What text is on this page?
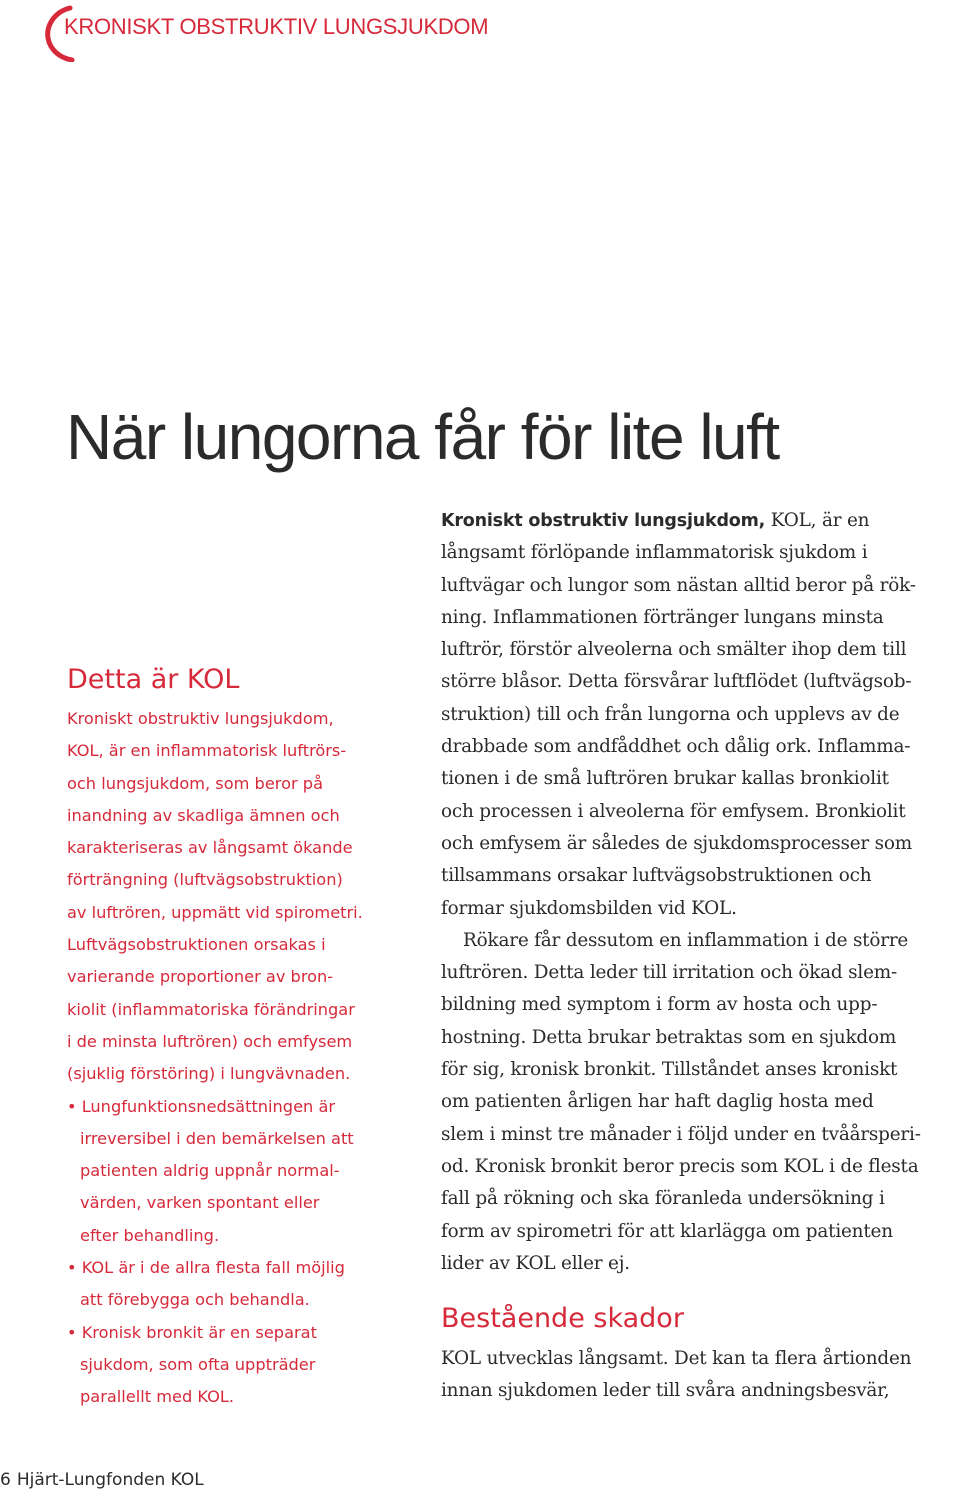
KRONISKT OBSTRUKTIV LUNGSJUKDOM
När lungorna får för lite luft
Detta är KOL
Kroniskt obstruktiv lungsjukdom,
KOL, är en inflammatorisk luftrörs-
och lungsjukdom, som beror på
inandning av skadliga ämnen och
karakteriseras av långsamt ökande
förträngning (luftvägsobstruktion)
av luftrören, uppmätt vid spirometri.
Luftvägsobstruktionen orsakas i
varierande proportioner av bron-
kiolit (inflammatoriska förändringar
i de minsta luftrören) och emfysem
(sjuklig förstöring) i lungvävnaden.
• Lungfunktionsnedsättningen är
irreversibel i den bemärkelsen att
patienten aldrig uppnår normal-
värden, varken spontant eller
efter behandling.
• KOL är i de allra flesta fall möjlig
att förebygga och behandla.
• Kronisk bronkit är en separat
sjukdom, som ofta uppträder
parallellt med KOL.
Kroniskt obstruktiv lungsjukdom, KOL, är en
långsamt förlöpande inflammatorisk sjukdom i
luftvägar och lungor som nästan alltid beror på rök-
ning. Inflammationen förtränger lungans minsta
luftrör, förstör alveolerna och smälter ihop dem till
större blåsor. Detta försvårar luftflödet (luftvägsob-
struktion) till och från lungorna och upplevs av de
drabbade som andfåddhet och dålig ork. Inflamma-
tionen i de små luftrören brukar kallas bronkiolit
och processen i alveolerna för emfysem. Bronkiolit
och emfysem är således de sjukdomsprocesser som
tillsammans orsakar luftvägsobstruktionen och
formar sjukdomsbilden vid KOL.
Rökare får dessutom en inflammation i de större
luftrören. Detta leder till irritation och ökad slem-
bildning med symptom i form av hosta och upp-
hostning. Detta brukar betraktas som en sjukdom
för sig, kronisk bronkit. Tillståndet anses kroniskt
om patienten årligen har haft daglig hosta med
slem i minst tre månader i följd under en tvåårsperi-
od. Kronisk bronkit beror precis som KOL i de flesta
fall på rökning och ska föranleda undersökning i
form av spirometri för att klarlägga om patienten
lider av KOL eller ej.
Bestående skador
KOL utvecklas långsamt. Det kan ta flera årtionden
innan sjukdomen leder till svåra andningsbesvär,
6 Hjärt-Lungfonden KOL
